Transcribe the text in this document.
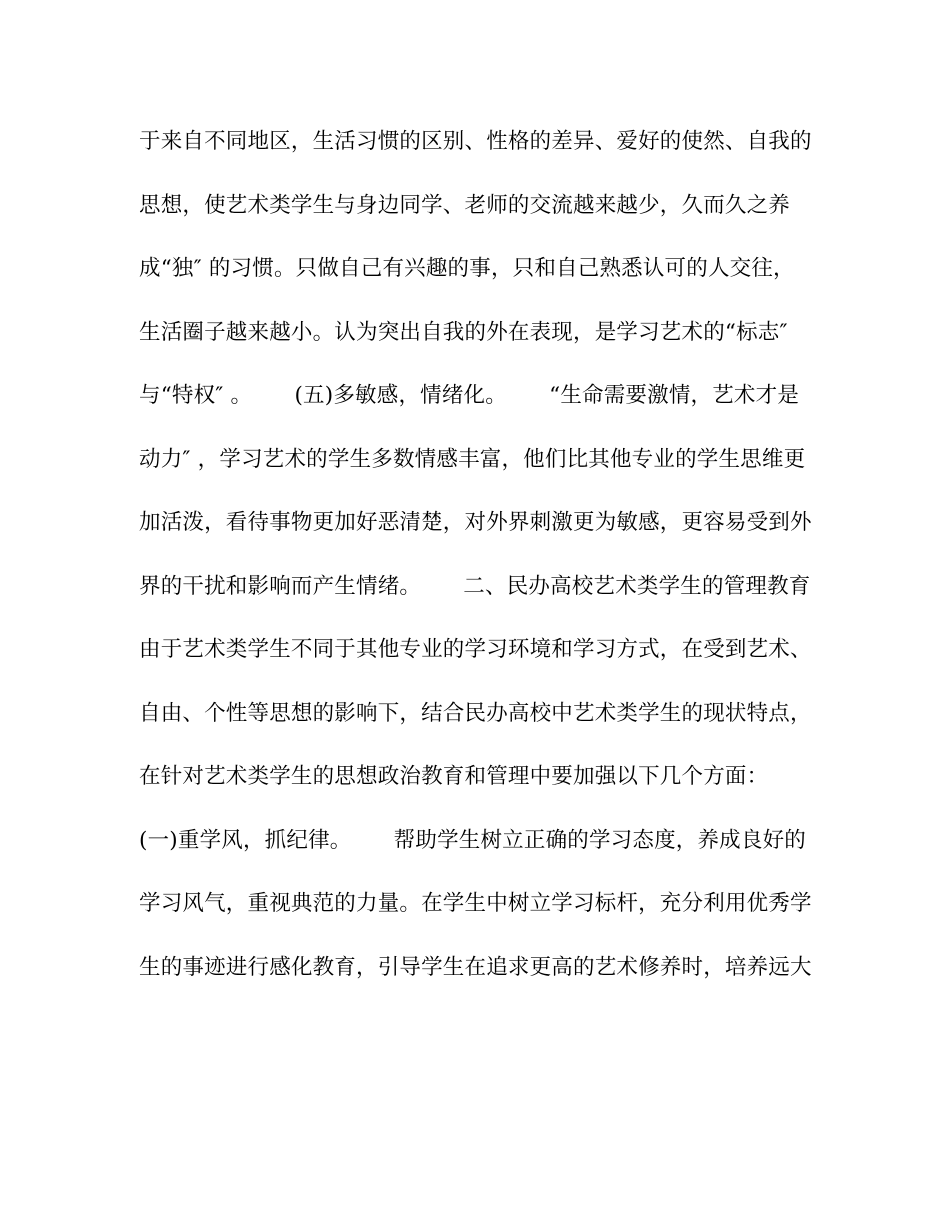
于来自不同地区，生活习惯的区别、性格的差异、爱好的使然、自我的
思想，使艺术类学生与身边同学、老师的交流越来越少，久而久之养
成“独″ 的习惯。只做自己有兴趣的事，只和自己熟悉认可的人交往，
生活圈子越来越小。认为突出自我的外在表现，是学习艺术的“标志″
与“特权″ 。      (五)多敏感，情绪化。      “生命需要激情，艺术才是
动力″ ，学习艺术的学生多数情感丰富，他们比其他专业的学生思维更
加活泼，看待事物更加好恶清楚，对外界刺激更为敏感，更容易受到外
界的干扰和影响而产生情绪。      二、民办高校艺术类学生的管理教育
由于艺术类学生不同于其他专业的学习环境和学习方式，在受到艺术、
自由、个性等思想的影响下，结合民办高校中艺术类学生的现状特点，
在针对艺术类学生的思想政治教育和管理中要加强以下几个方面：
(一)重学风，抓纪律。      帮助学生树立正确的学习态度，养成良好的
学习风气，重视典范的力量。在学生中树立学习标杆，充分利用优秀学
生的事迹进行感化教育，引导学生在追求更高的艺术修养时，培养远大
